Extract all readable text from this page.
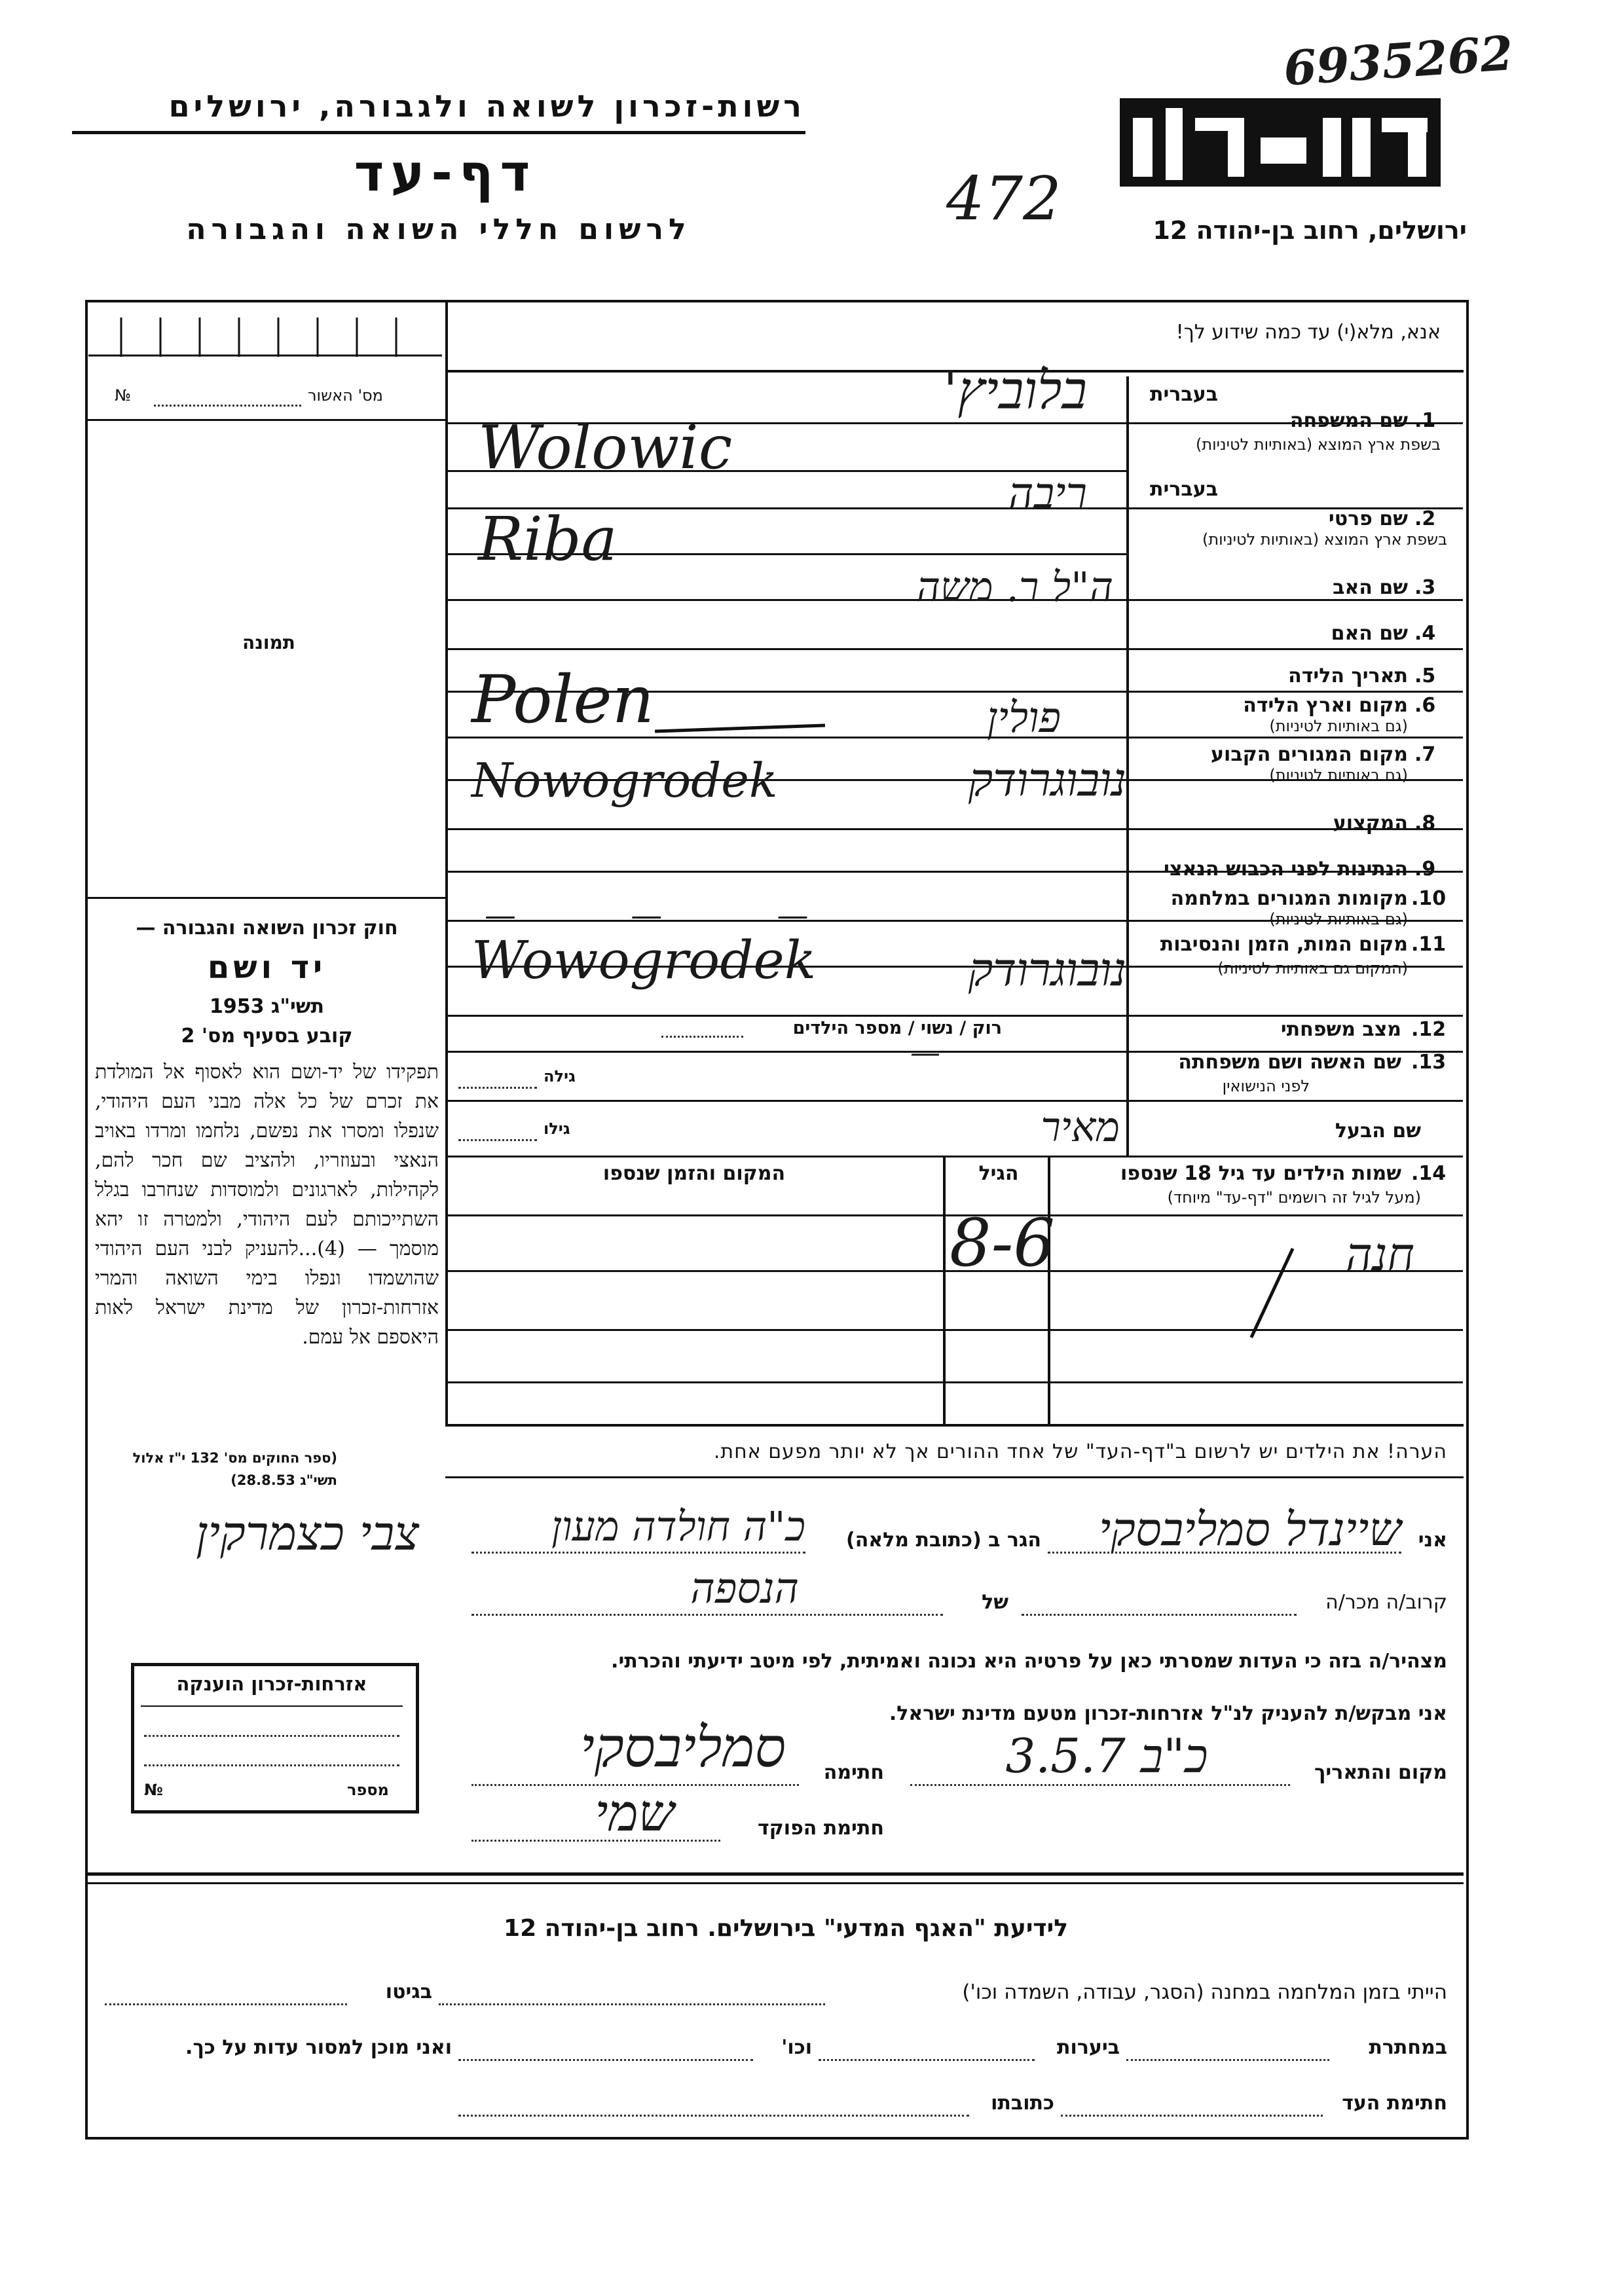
רשות-זכרון לשואה ולגבורה, ירושלים
דף-עד
לרשום חללי השואה והגבורה	472
6935262
ירושלים, רחוב בן-יהודה 12
מס' האשור
№
תמונה
אנא, מלא(י) עד כמה שידוע לך!
בעברית
1.
שם המשפחה
בשפת ארץ המוצא (באותיות לטיניות)
בלוביץ'
Wolowic
בעברית
2.
שם פרטי
בשפת ארץ המוצא (באותיות לטיניות)
ריבה
Riba
3.
שם האב
ה"ל ר. משה
4.
שם האם
5.
תאריך הלידה
6.
מקום וארץ הלידה
(גם באותיות לטיניות)
פולין
Polen
7.
מקום המגורים הקבוע
(גם באותיות לטיניות)
נובוגרודק
Nowogrodek
8.
המקצוע
9.
הנתינות לפני הכבוש הנאצי
10.
מקומות המגורים במלחמה
(גם באותיות לטיניות)
— — —
11.
מקום המות, הזמן והנסיבות
(המקום גם באותיות לטיניות)
נובוגרודק
Wowogrodek
12.
מצב משפחתי
רוק / נשוי / מספר הילדים
—	13.
שם האשה ושם משפחתה
לפני הנישואין
גילה
שם הבעל
מאיר
גילו
14.
שמות הילדים עד גיל 18 שנספו
(מעל לגיל זה רושמים "דף-עד" מיוחד)
הגיל
המקום והזמן שנספו
חנה
8-6
חוק זכרון השואה והגבורה —
יד ושם
תשי"ג 1953
קובע בסעיף מס' 2
תפקידו של יד-ושם הוא לאסוף אל המולדת את זכרם של כל אלה מבני העם היהודי, שנפלו ומסרו את נפשם, נלחמו ומרדו באויב הנאצי ובעוזריו, ולהציב שם חכר להם, לקהילות, לארגונים ולמוסדות שנחרבו בגלל השתייכותם לעם היהודי, ולמטרה זו יהא מוסמך — (4)...להעניק לבני העם היהודי שהושמדו ונפלו בימי השואה והמרי אזרחות-זכרון של מדינת ישראל לאות היאספם אל עמם.
(ספר החוקים מס' 132 י"ז אלול תשי"ג 28.8.53)
הערה! את הילדים יש לרשום ב"דף-העד" של אחד ההורים אך לא יותר מפעם אחת.
צבי כצמרקין
אזרחות-זכרון הוענקה
מספר
№
אני
שיינדל סמליבסקי
הגר ב (כתובת מלאה)
כ"ה חולדה מעון
קרוב/ה מכר/ה
של
הנספה
מצהיר/ה בזה כי העדות שמסרתי כאן על פרטיה היא נכונה ואמיתית, לפי מיטב ידיעתי והכרתי.
אני מבקש/ת להעניק לנ"ל אזרחות-זכרון מטעם מדינת ישראל.
מקום והתאריך
כ"ב 3.5.7
חתימה
סמליבסקי
חתימת הפוקד
שמי
לידיעת "האגף המדעי" בירושלים. רחוב בן-יהודה 12
הייתי בזמן המלחמה במחנה (הסגר, עבודה, השמדה וכו')
בגיטו
במחתרת
ביערות
וכו'
ואני מוכן למסור עדות על כך.
חתימת העד
כתובתו
